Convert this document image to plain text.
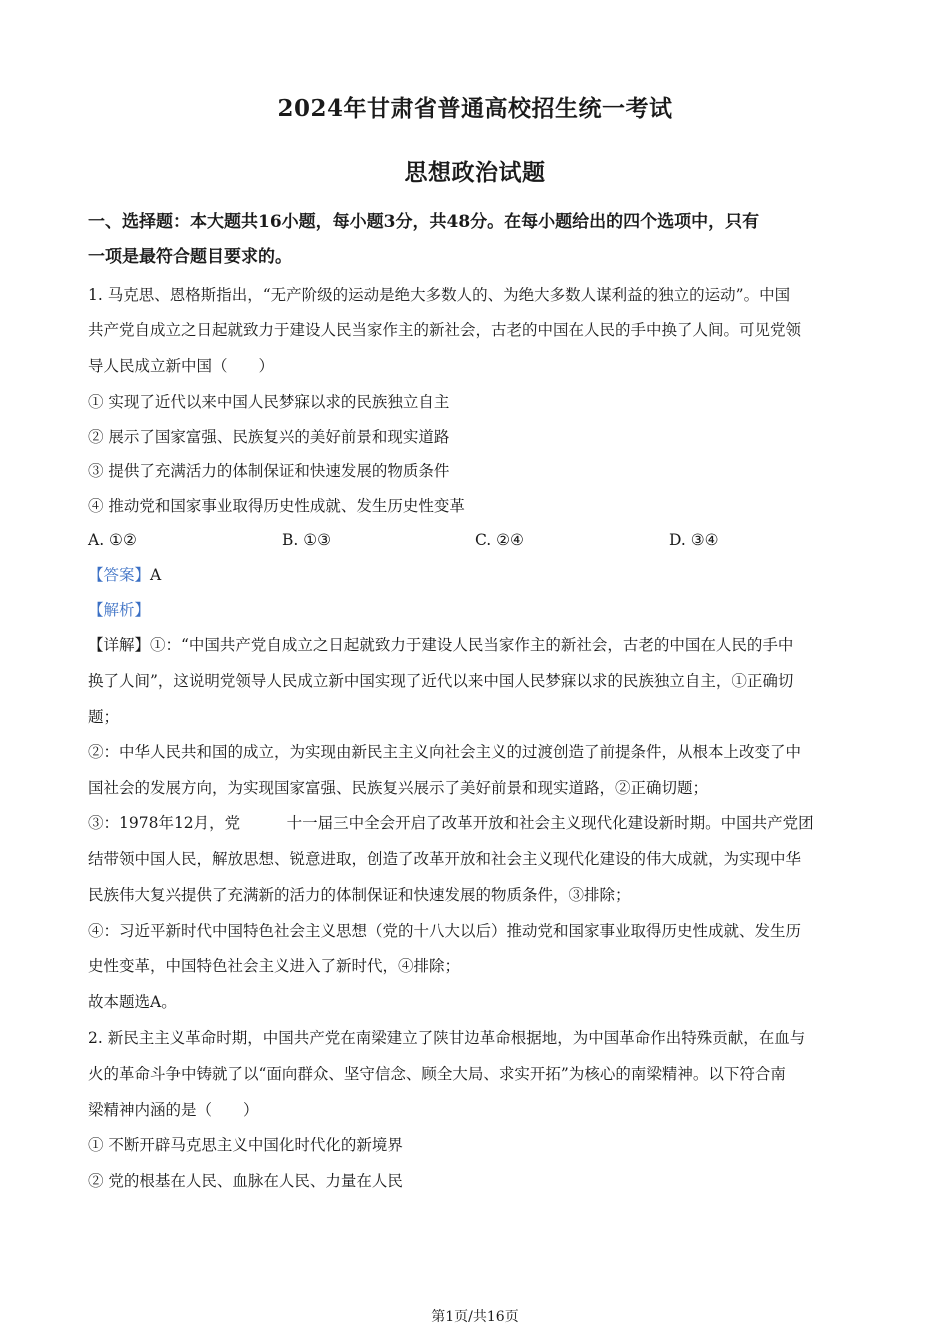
2024年甘肃省普通高校招生统一考试
思想政治试题
一、选择题：本大题共16小题，每小题3分，共48分。在每小题给出的四个选项中，只有
一项是最符合题目要求的。
1. 马克思、恩格斯指出，“无产阶级的运动是绝大多数人的、为绝大多数人谋利益的独立的运动”。中国
共产党自成立之日起就致力于建设人民当家作主的新社会，古老的中国在人民的手中换了人间。可见党领
导人民成立新中国（　　）
① 实现了近代以来中国人民梦寐以求的民族独立自主
② 展示了国家富强、民族复兴的美好前景和现实道路
③ 提供了充满活力的体制保证和快速发展的物质条件
④ 推动党和国家事业取得历史性成就、发生历史性变革
A. ①②	B. ①③	C. ②④	D. ③④
【答案】A
【解析】
【详解】①：“中国共产党自成立之日起就致力于建设人民当家作主的新社会，古老的中国在人民的手中
换了人间”，这说明党领导人民成立新中国实现了近代以来中国人民梦寐以求的民族独立自主，①正确切
题；
②：中华人民共和国的成立，为实现由新民主主义向社会主义的过渡创造了前提条件，从根本上改变了中
国社会的发展方向，为实现国家富强、民族复兴展示了美好前景和现实道路，②正确切题；
③：1978年12月，党　　　十一届三中全会开启了改革开放和社会主义现代化建设新时期。中国共产党团
结带领中国人民，解放思想、锐意进取，创造了改革开放和社会主义现代化建设的伟大成就，为实现中华
民族伟大复兴提供了充满新的活力的体制保证和快速发展的物质条件，③排除；
④：习近平新时代中国特色社会主义思想（党的十八大以后）推动党和国家事业取得历史性成就、发生历
史性变革，中国特色社会主义进入了新时代，④排除；
故本题选A。
2. 新民主主义革命时期，中国共产党在南梁建立了陕甘边革命根据地，为中国革命作出特殊贡献，在血与
火的革命斗争中铸就了以“面向群众、坚守信念、顾全大局、求实开拓”为核心的南梁精神。以下符合南
梁精神内涵的是（　　）
① 不断开辟马克思主义中国化时代化的新境界
② 党的根基在人民、血脉在人民、力量在人民
第1页/共16页
